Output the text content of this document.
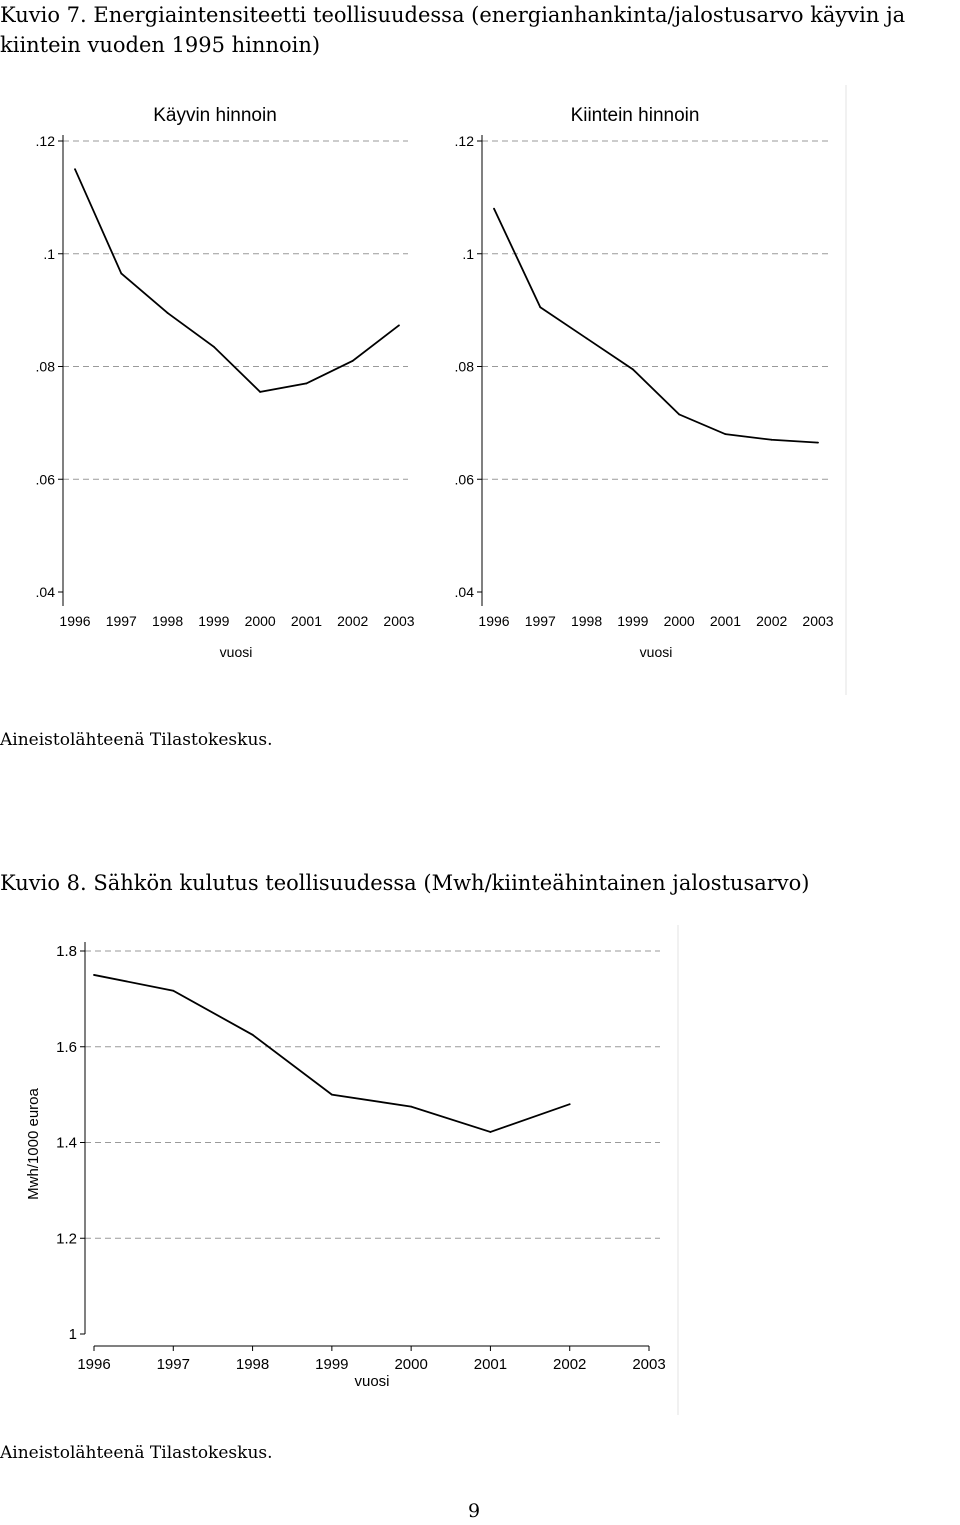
Kuvio 7. Energiaintensiteetti teollisuudessa (energianhankinta/jalostusarvo käyvin ja kiintein vuoden 1995 hinnoin)

.04
.06
.08
.1
.12
1996 1997 1998 1999 2000 2001 2002 2003
Käyvin hinnoin
vuosi
.04
.06
.08
.1
.12
1996 1997 1998 1999 2000 2001 2002 2003
Kiintein hinnoin
vuosi
Aineistolähteenä Tilastokeskus.

Kuvio 8. Sähkön kulutus teollisuudessa (Mwh/kiinteähintainen jalostusarvo)

1
1.2
1.4
1.6
1.8
1996	1997	1998	1999	2000	2001	2002	2003
vuosi
Mwh/1000 euroa
Aineistolähteenä Tilastokeskus.
9
